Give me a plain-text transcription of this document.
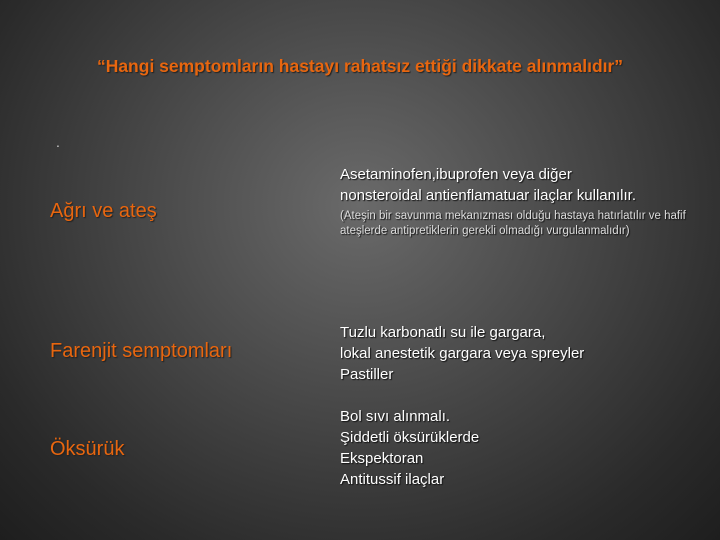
“Hangi semptomların hastayı rahatsız ettiği dikkate alınmalıdır”
.
Ağrı ve ateş
Asetaminofen,ibuprofen veya diğer
nonsteroidal antienflamatuar ilaçlar kullanılır.
(Ateşin bir savunma mekanızması olduğu hastaya hatırlatılır ve hafif ateşlerde antipretiklerin gerekli olmadığı vurgulanmalıdır)
Farenjit semptomları
Tuzlu karbonatlı su ile gargara,
lokal anestetik gargara veya spreyler
Pastiller
Öksürük
Bol sıvı alınmalı.
Şiddetli öksürüklerde
Ekspektoran
Antitussif ilaçlar
